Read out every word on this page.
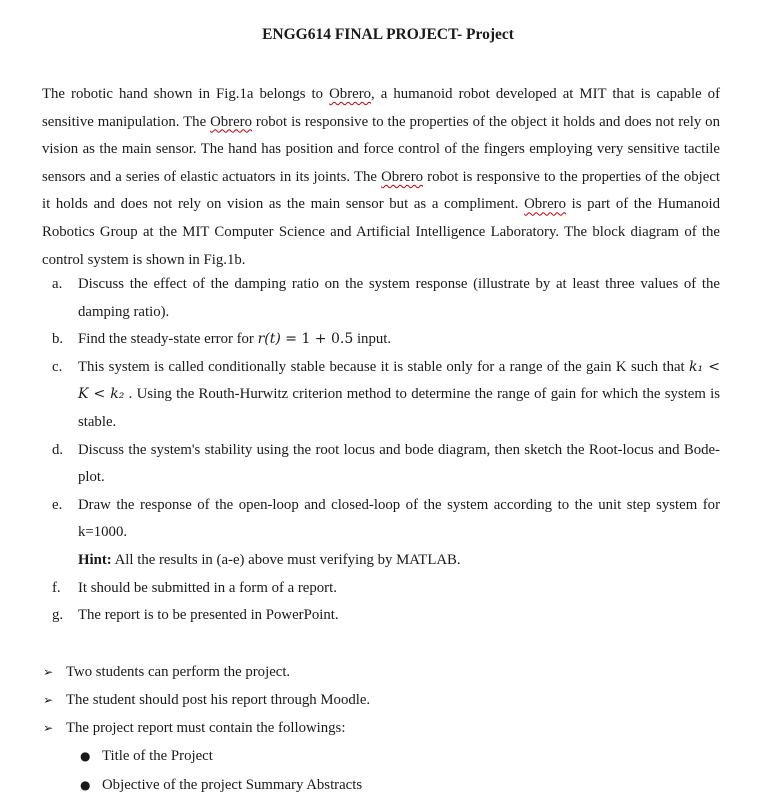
ENGG614 FINAL PROJECT- Project

The robotic hand shown in Fig.1a belongs to Obrero, a humanoid robot developed at MIT that is capable of sensitive manipulation. The Obrero robot is responsive to the properties of the object it holds and does not rely on vision as the main sensor. The hand has position and force control of the fingers employing very sensitive tactile sensors and a series of elastic actuators in its joints. The Obrero robot is responsive to the properties of the object it holds and does not rely on vision as the main sensor but as a compliment. Obrero is part of the Humanoid Robotics Group at the MIT Computer Science and Artificial Intelligence Laboratory. The block diagram of the control system is shown in Fig.1b.

a. Discuss the effect of the damping ratio on the system response (illustrate by at least three values of the damping ratio).
b. Find the steady-state error for r(t) = 1 + 0.5 input.
c. This system is called conditionally stable because it is stable only for a range of the gain K such that k₁ < K < k₂ . Using the Routh-Hurwitz criterion method to determine the range of gain for which the system is stable.
d. Discuss the system's stability using the root locus and bode diagram, then sketch the Root-locus and Bode-plot.
e. Draw the response of the open-loop and closed-loop of the system according to the unit step system for k=1000.
Hint: All the results in (a-e) above must verifying by MATLAB.
f. It should be submitted in a form of a report.
g. The report is to be presented in PowerPoint.
➢ Two students can perform the project.
➢ The student should post his report through Moodle.
➢ The project report must contain the followings:
● Title of the Project
● Objective of the project Summary Abstracts
